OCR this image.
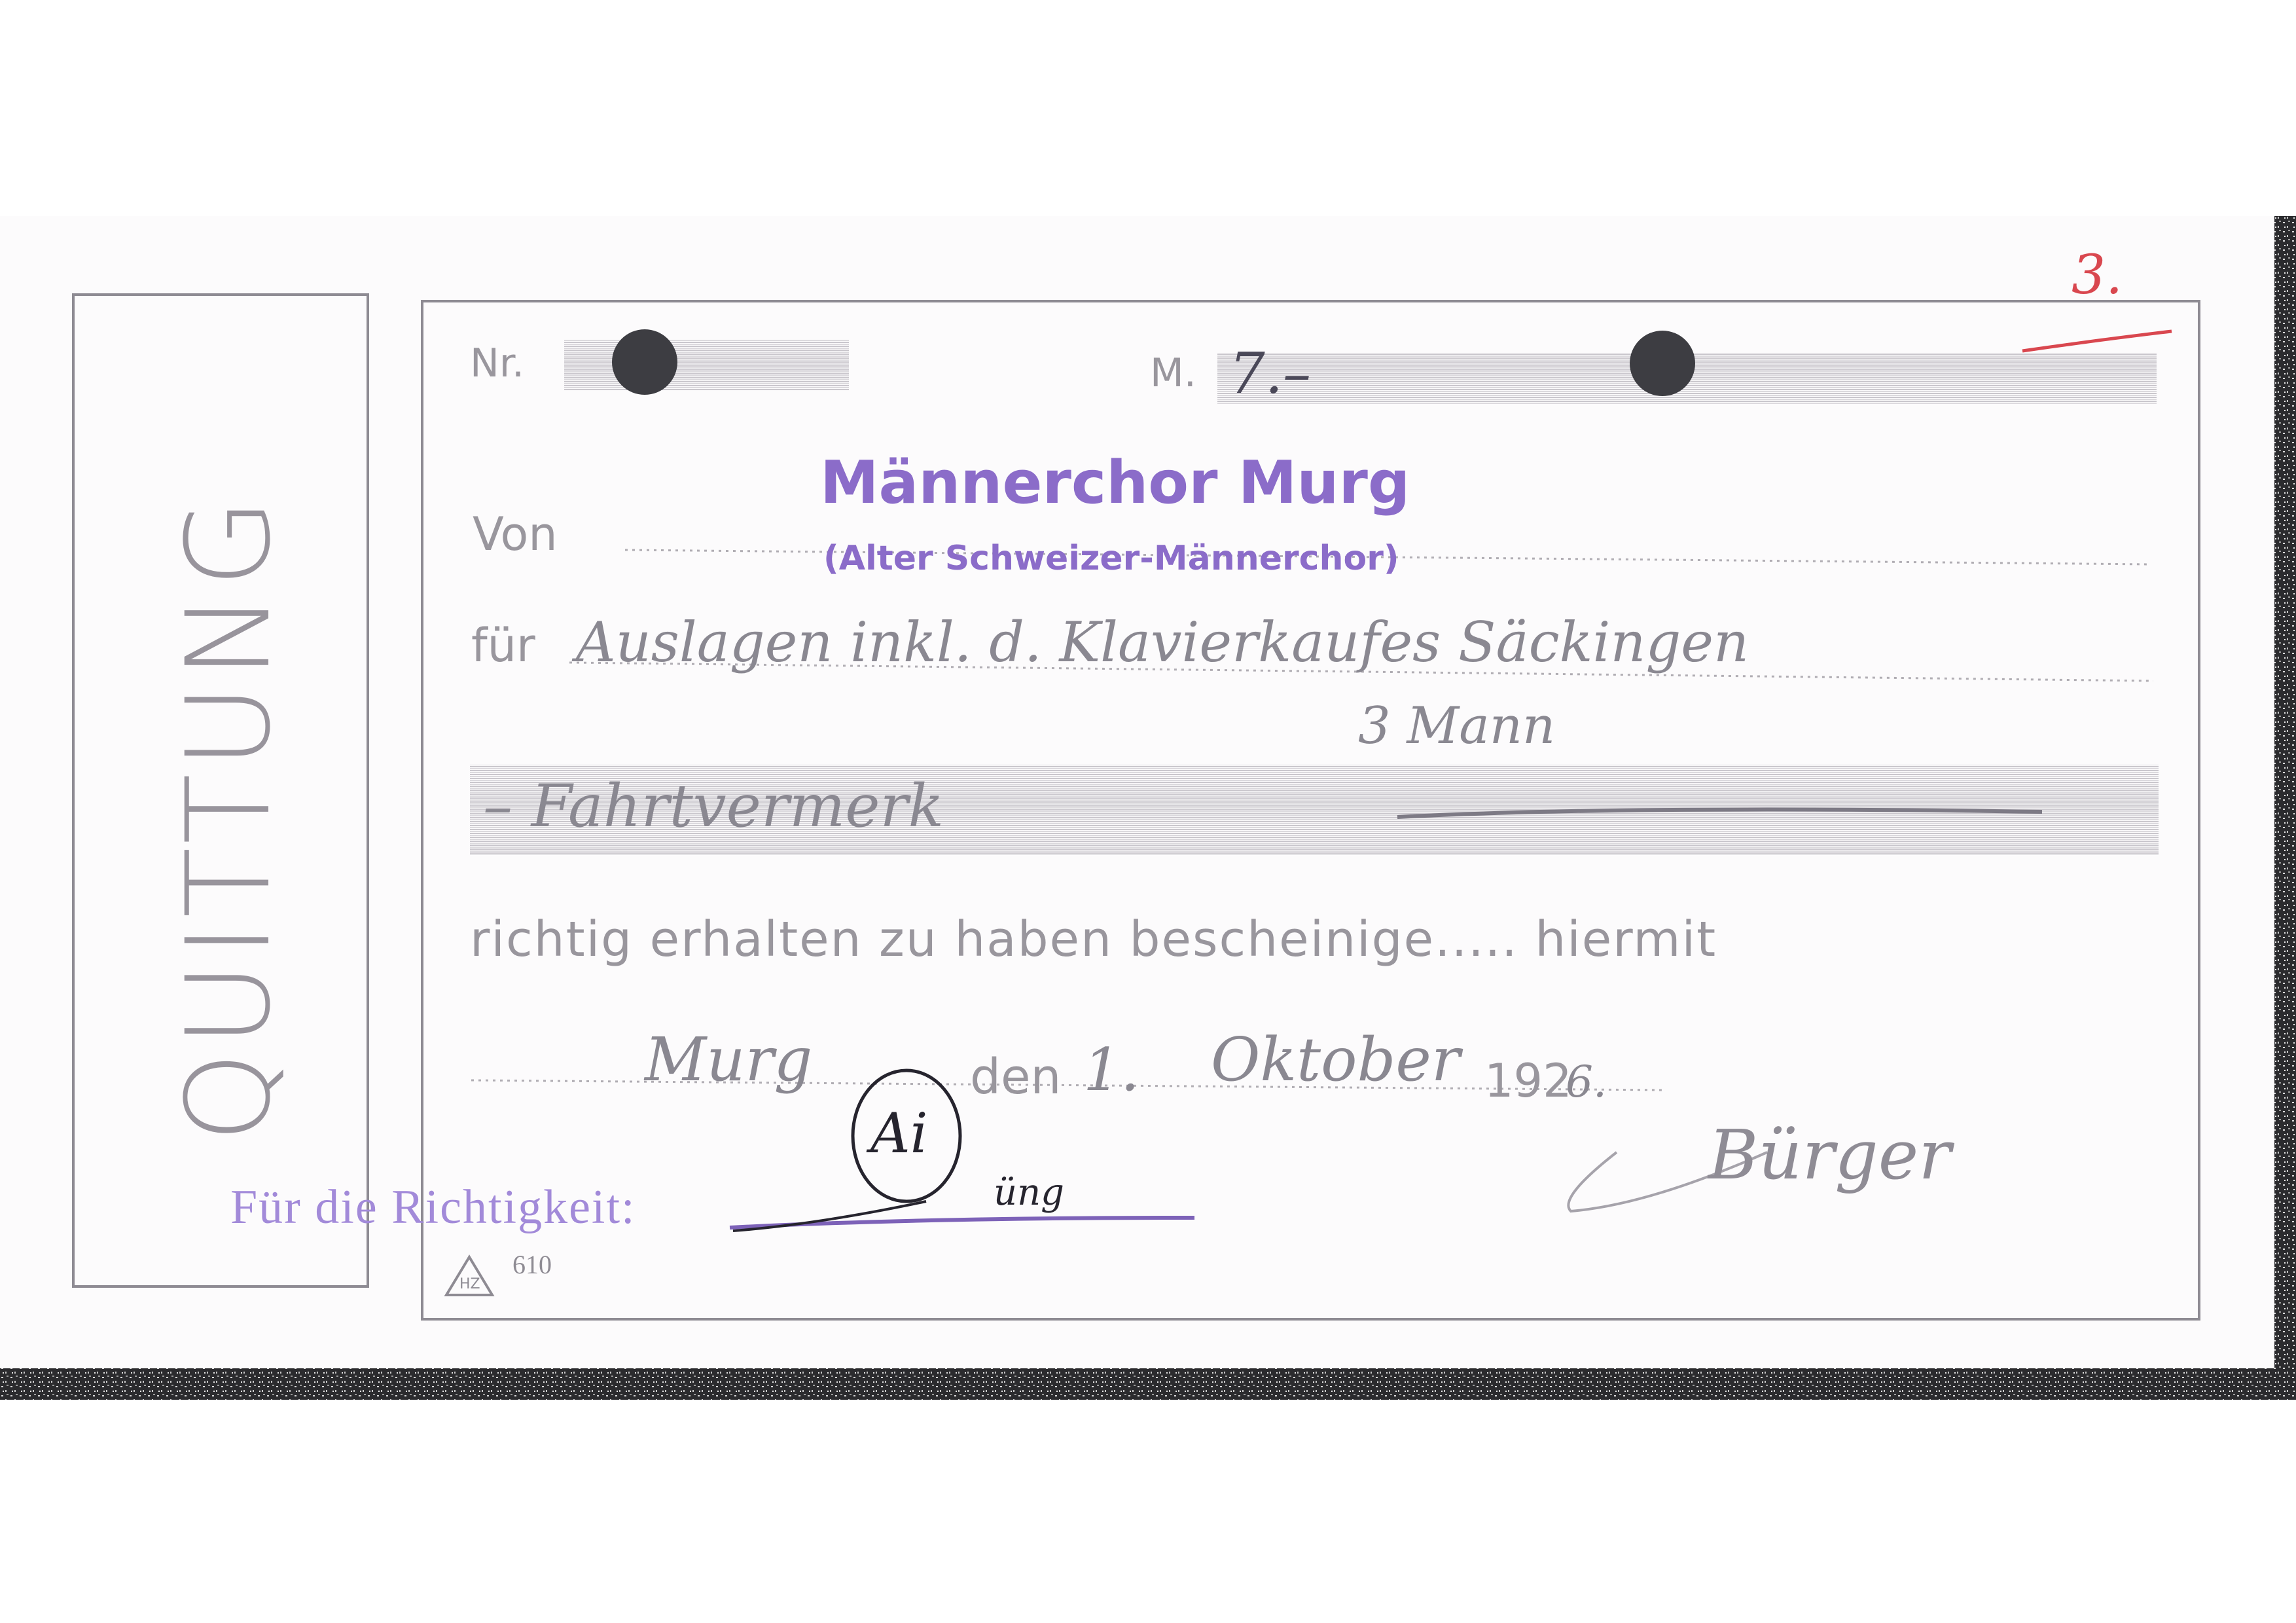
QUITTUNG
3.
Nr.	M. 7.–
Von
Männerchor Murg
(Alter Schweizer-Männerchor)
für Auslagen inkl. d. Klavierkaufes Säckingen
3 Mann
– Fahrtvermerk
richtig erhalten zu haben bescheinige..... hiermit
Murg	den 1. Oktober 192
6.
Bürger
Für die Richtigkeit:
Ai
üng
HZ
610
